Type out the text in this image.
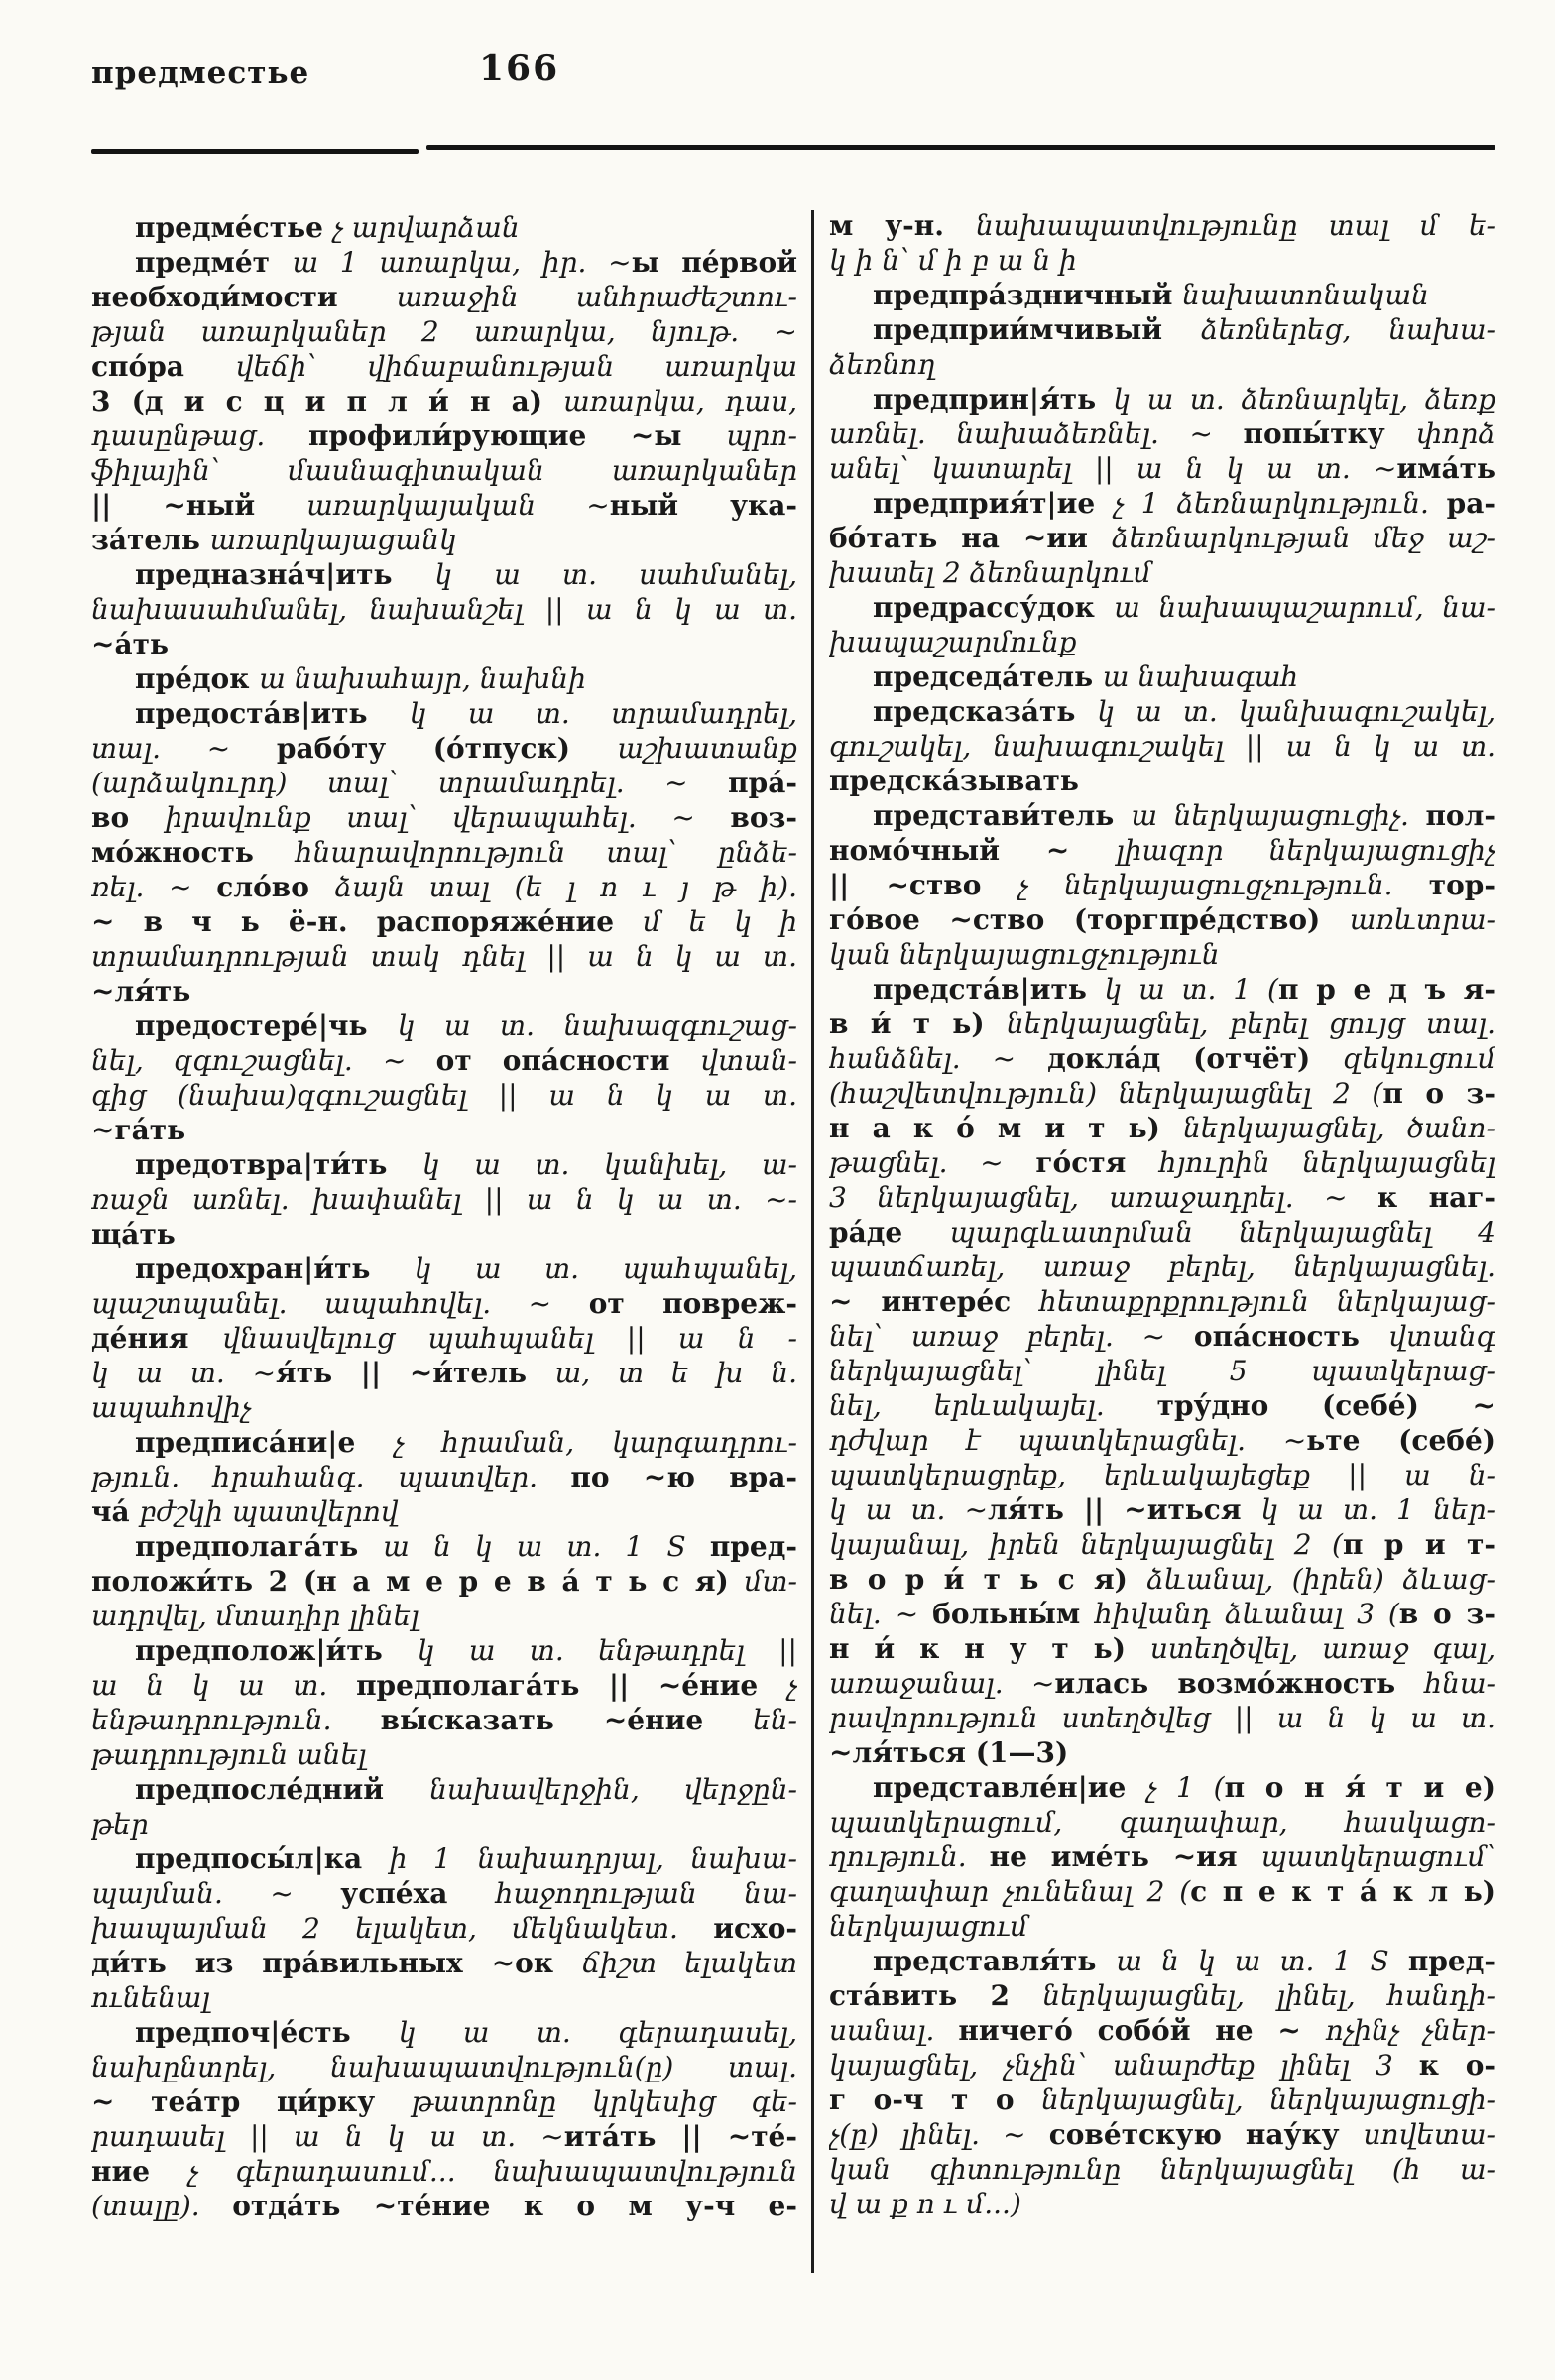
предместье	166
предме́стье չ արվարձան
предме́т ա 1 առարկա, իր. ~ы пе́рвой
необходи́мости առաջին անհրաժեշտու-
թյան առարկաներ 2 առարկա, նյութ. ~
спо́ра վեճի՝ վիճաբանության առարկա
3 (д и с ц и п л и́ н а) առարկա, դաս,
դասընթաց. профили́рующие ~ы պրո-
ֆիլային՝ մասնագիտական առարկաներ
|| ~ный առարկայական ~ный ука-
за́тель առարկայացանկ
предназна́ч|ить կ ա տ. սահմանել,
նախասահմանել, նախանշել || ա ն կ ա տ.
~а́ть
пре́док ա նախահայր, նախնի
предоста́в|ить կ ա տ. տրամադրել,
տալ. ~ рабо́ту (о́тпуск) աշխատանք
(արձակուրդ) տալ՝ տրամադրել. ~ пра́-
во իրավունք տալ՝ վերապահել. ~ воз-
мо́жность հնարավորություն տալ՝ ընձե-
ռել. ~ сло́во ձայն տալ (ե լ ո ւ յ թ ի).
~ в ч ь ё-н. распоряже́ние մ ե կ ի
տրամադրության տակ դնել || ա ն կ ա տ.
~ля́ть
предостере́|чь կ ա տ. նախազգուշաց-
նել, զգուշացնել. ~ от опа́сности վտան-
գից (նախա)զգուշացնել || ա ն կ ա տ.
~га́ть
предотвра|ти́ть կ ա տ. կանխել, ա-
ռաջն առնել. խափանել || ա ն կ ա տ. ~-
ща́ть
предохран|и́ть կ ա տ. պահպանել,
պաշտպանել. ապահովել. ~ от повреж-
де́ния վնասվելուց պահպանել || ա ն -
կ ա տ. ~я́ть || ~и́тель ա, տ ե խ ն.
ապահովիչ
предписа́ни|е չ հրաման, կարգադրու-
թյուն. հրահանգ. պատվեր. по ~ю вра-
ча́ բժշկի պատվերով
предполага́ть ա ն կ ա տ. 1 S пред-
положи́ть 2 (н а м е р е в а́ т ь с я) մտ-
ադրվել, մտադիր լինել
предполож|и́ть կ ա տ. ենթադրել ||
ա ն կ ա տ. предполага́ть || ~е́ние չ
ենթադրություն. вы́сказать ~е́ние են-
թադրություն անել
предпосле́дний նախավերջին, վերջըն-
թեր
предпосы́л|ка ի 1 նախադրյալ, նախա-
պայման. ~ успе́ха հաջողության նա-
խապայման 2 ելակետ, մեկնակետ. исхо-
ди́ть из пра́вильных ~ок ճիշտ ելակետ
ունենալ
предпоч|е́сть կ ա տ. գերադասել,
նախընտրել, նախապատվություն(ը) տալ.
~ теа́тр ци́рку թատրոնը կրկեսից գե-
րադասել || ա ն կ ա տ. ~ита́ть || ~те́-
ние չ գերադասում... նախապատվություն
(տալը). отда́ть ~те́ние к о м у-ч е-
м у-н. նախապատվությունը տալ մ ե-
կ ի ն՝ մ ի բ ա ն ի
предпра́здничный նախատոնական
предприи́мчивый ձեռներեց, նախա-
ձեռնող
предприн|я́ть կ ա տ. ձեռնարկել, ձեռք
առնել. նախաձեռնել. ~ попы́тку փորձ
անել՝ կատարել || ա ն կ ա տ. ~има́ть
предприя́т|ие չ 1 ձեռնարկություն. ра-
бо́тать на ~ии ձեռնարկության մեջ աշ-
խատել 2 ձեռնարկում
предрассу́док ա նախապաշարում, նա-
խապաշարմունք
председа́тель ա նախագահ
предсказа́ть կ ա տ. կանխագուշակել,
գուշակել, նախագուշակել || ա ն կ ա տ.
предска́зывать
представи́тель ա ներկայացուցիչ. пол-
номо́чный ~ լիազոր ներկայացուցիչ
|| ~ство չ ներկայացուցչություն. тор-
го́вое ~ство (торгпре́дство) առևտրա-
կան ներկայացուցչություն
предста́в|ить կ ա տ. 1 (п р е д ъ я-
в и́ т ь) ներկայացնել, բերել ցույց տալ.
հանձնել. ~ докла́д (отчёт) զեկուցում
(հաշվետվություն) ներկայացնել 2 (п о з-
н а к о́ м и т ь) ներկայացնել, ծանո-
թացնել. ~ го́стя հյուրին ներկայացնել
3 ներկայացնել, առաջադրել. ~ к наг-
ра́де պարգևատրման ներկայացնել 4
պատճառել, առաջ բերել, ներկայացնել.
~ интере́с հետաքրքրություն ներկայաց-
նել՝ առաջ բերել. ~ опа́сность վտանգ
ներկայացնել՝ լինել 5 պատկերաց-
նել, երևակայել. тру́дно (себе́) ~
դժվար է պատկերացնել. ~ьте (себе́)
պատկերացրեք, երևակայեցեք || ա ն-
կ ա տ. ~ля́ть || ~иться կ ա տ. 1 ներ-
կայանալ, իրեն ներկայացնել 2 (п р и т-
в о р и́ т ь с я) ձևանալ, (իրեն) ձևաց-
նել. ~ больны́м հիվանդ ձևանալ 3 (в о з-
н и́ к н у т ь) ստեղծվել, առաջ գալ,
առաջանալ. ~илась возмо́жность հնա-
րավորություն ստեղծվեց || ա ն կ ա տ.
~ля́ться (1—3)
представле́н|ие չ 1 (п о н я́ т и е)
պատկերացում, գաղափար, հասկացո-
ղություն. не име́ть ~ия պատկերացում՝
գաղափար չունենալ 2 (с п е к т а́ к л ь)
ներկայացում
представля́ть ա ն կ ա տ. 1 S пред-
ста́вить 2 ներկայացնել, լինել, հանդի-
սանալ. ничего́ собо́й не ~ ոչինչ չներ-
կայացնել, չնչին՝ անարժեք լինել 3 к о-
г о-ч т о ներկայացնել, ներկայացուցի-
չ(ը) լինել. ~ сове́тскую нау́ку սովետա-
կան գիտությունը ներկայացնել (հ ա-
վ ա ք ո ւ մ...)
